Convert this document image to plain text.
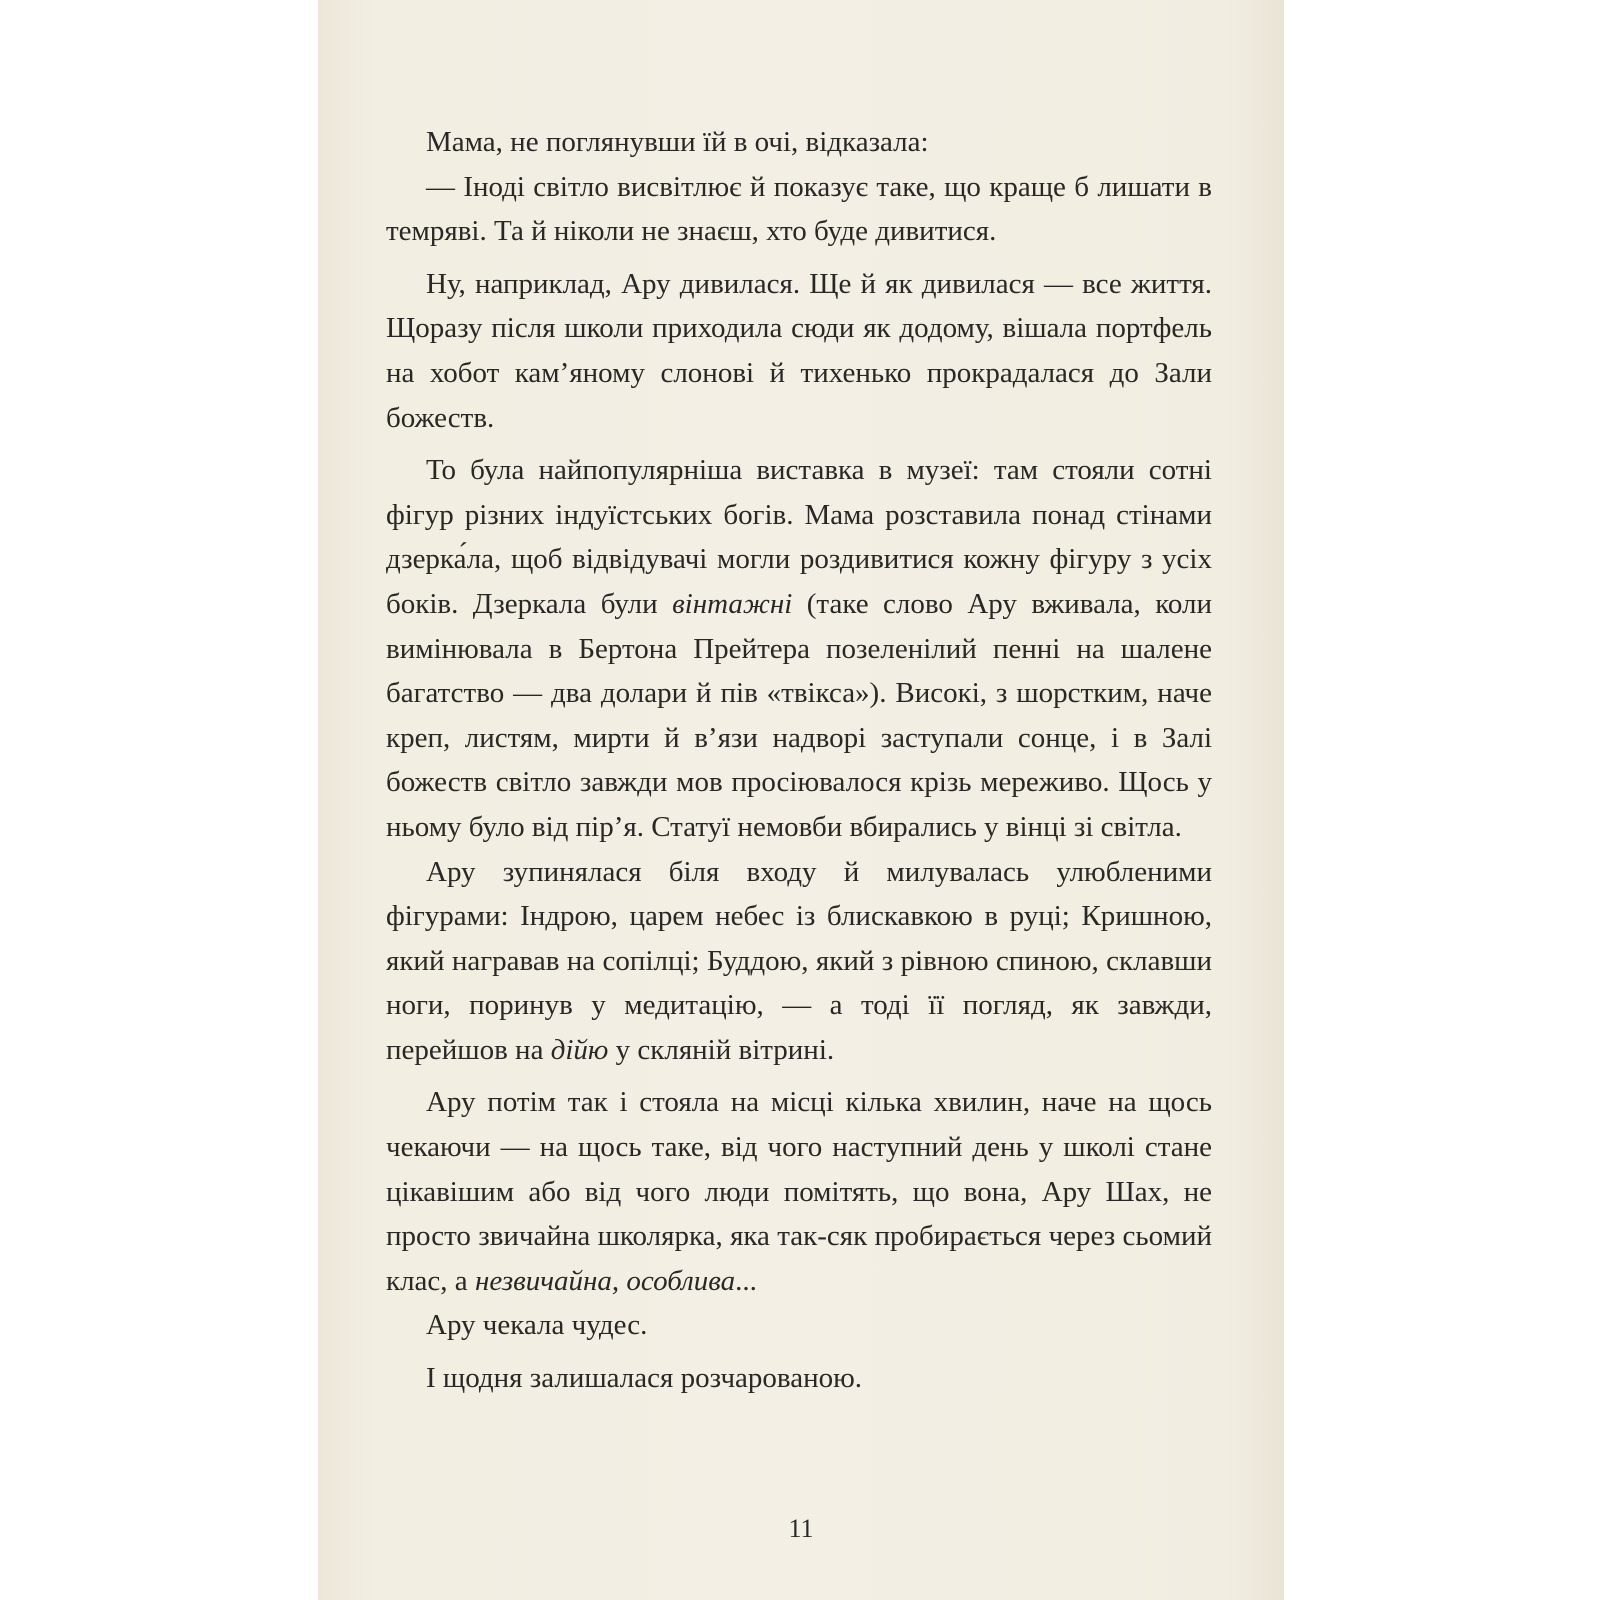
Мама, не поглянувши їй в очі, відказала:

— Іноді світло висвітлює й показує таке, що краще б лишати в темряві. Та й ніколи не знаєш, хто буде дивитися.

Ну, наприклад, Ару дивилася. Ще й як дивилася — все життя. Щоразу після школи приходила сюди як додому, вішала портфель на хобот кам’яному слонові й тихенько прокрадалася до Зали божеств.

То була найпопулярніша виставка в музеї: там стояли сотні фігур різних індуїстських богів. Мама розставила понад стінами дзерка́ла, щоб відвідувачі могли роздивитися кожну фігуру з усіх боків. Дзеркала були вінтажні (таке слово Ару вживала, коли вимінювала в Бертона Прейтера позеленілий пенні на шалене багатство — два долари й пів «твікса»). Високі, з шорстким, наче креп, листям, мирти й в’язи надворі заступали сонце, і в Залі божеств світло завжди мов просіювалося крізь мереживо. Щось у ньому було від пір’я. Статуї немовби вбирались у вінці зі світла.

Ару зупинялася біля входу й милувалась улюбленими фігурами: Індрою, царем небес із блискавкою в руці; Кришною, який награвав на сопілці; Буддою, який з рівною спиною, склавши ноги, поринув у медитацію, — а тоді її погляд, як завжди, перейшов на дійю у скляній вітрині.

Ару потім так і стояла на місці кілька хвилин, наче на щось чекаючи — на щось таке, від чого наступний день у школі стане цікавішим або від чого люди помітять, що вона, Ару Шах, не просто звичайна школярка, яка так-сяк пробирається через сьомий клас, а незвичайна, особлива...

Ару чекала чудес.

І щодня залишалася розчарованою.

11
